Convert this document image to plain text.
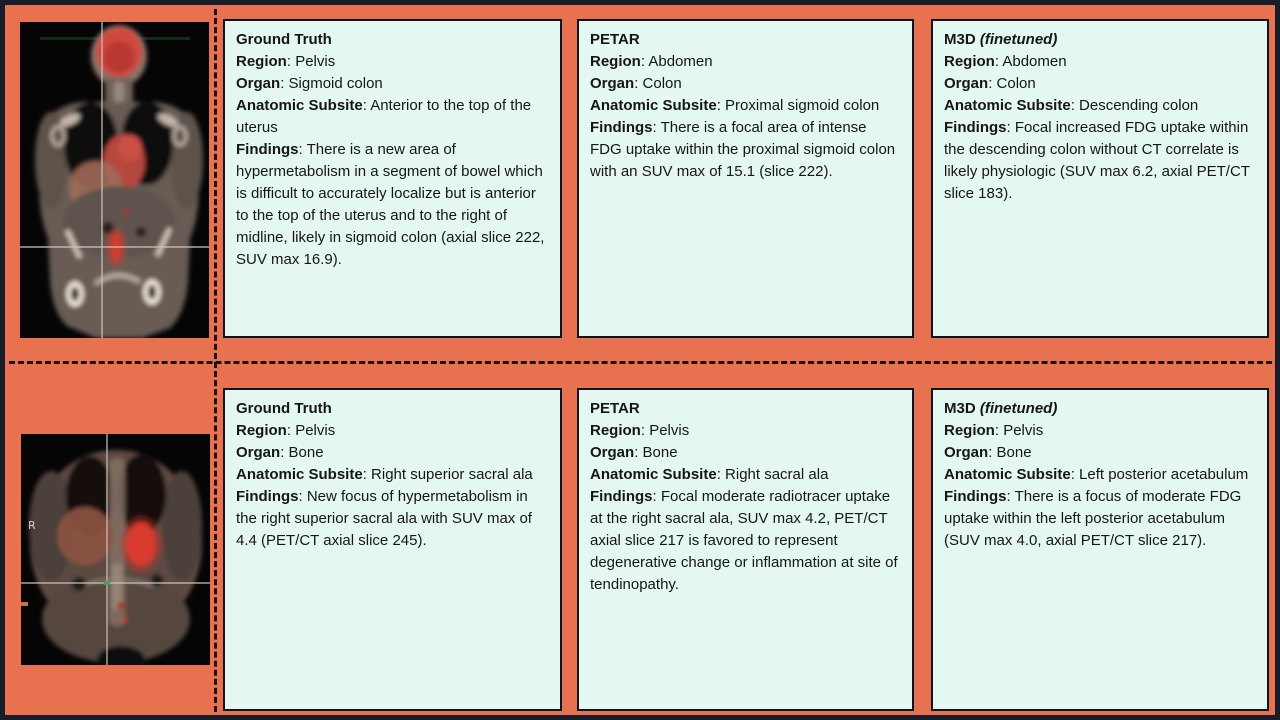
R
Ground Truth
Region: Pelvis
Organ: Sigmoid colon
Anatomic Subsite: Anterior to the top of the uterus
Findings: There is a new area of hypermetabolism in a segment of bowel which is difficult to accurately localize but is anterior to the top of the uterus and to the right of midline, likely in sigmoid colon (axial slice 222, SUV max 16.9).
PETAR
Region: Abdomen
Organ: Colon
Anatomic Subsite: Proximal sigmoid colon
Findings: There is a focal area of intense FDG uptake within the proximal sigmoid colon with an SUV max of 15.1 (slice 222).
M3D (finetuned)
Region: Abdomen
Organ: Colon
Anatomic Subsite: Descending colon
Findings: Focal increased FDG uptake within the descending colon without CT correlate is likely physiologic (SUV max 6.2, axial PET/CT slice 183).
Ground Truth
Region: Pelvis
Organ: Bone
Anatomic Subsite: Right superior sacral ala
Findings: New focus of hypermetabolism in the right superior sacral ala with SUV max of 4.4 (PET/CT axial slice 245).
PETAR
Region: Pelvis
Organ: Bone
Anatomic Subsite: Right sacral ala
Findings: Focal moderate radiotracer uptake at the right sacral ala, SUV max 4.2, PET/CT axial slice 217 is favored to represent degenerative change or inflammation at site of tendinopathy.
M3D (finetuned)
Region: Pelvis
Organ: Bone
Anatomic Subsite: Left posterior acetabulum
Findings: There is a focus of moderate FDG uptake within the left posterior acetabulum (SUV max 4.0, axial PET/CT slice 217).
